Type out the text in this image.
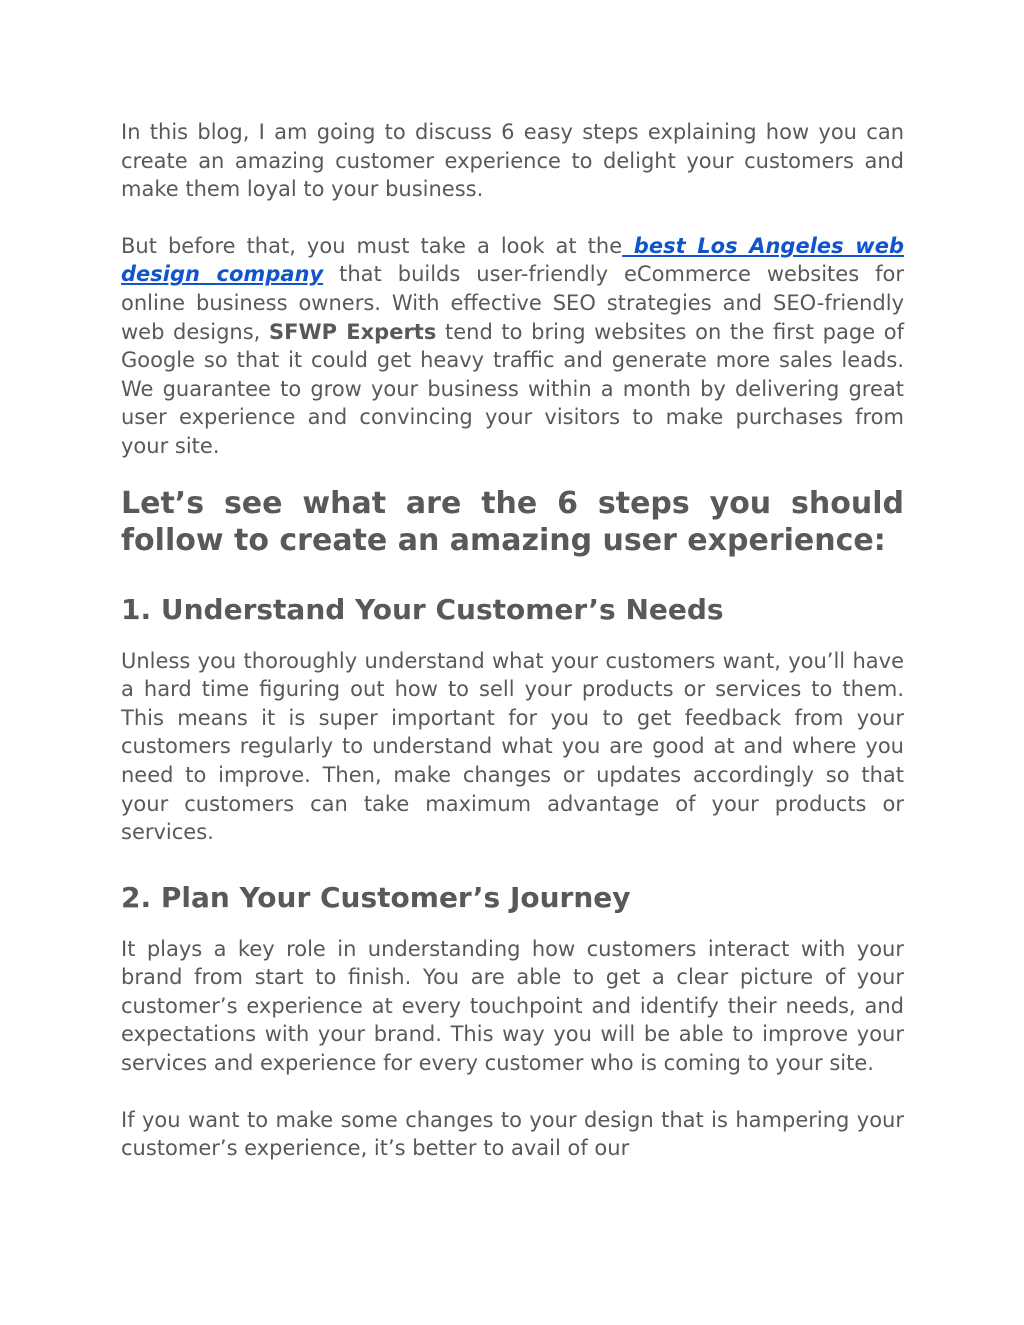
In this blog, I am going to discuss 6 easy steps explaining how you can create an amazing customer experience to delight your customers and make them loyal to your business.

But before that, you must take a look at the best Los Angeles web design company that builds user-friendly eCommerce websites for online business owners. With effective SEO strategies and SEO-friendly web designs, SFWP Experts tend to bring websites on the first page of Google so that it could get heavy traffic and generate more sales leads. We guarantee to grow your business within a month by delivering great user experience and convincing your visitors to make purchases from your site.

Let’s see what are the 6 steps you should follow to create an amazing user experience:
1. Understand Your Customer’s Needs

Unless you thoroughly understand what your customers want, you’ll have a hard time figuring out how to sell your products or services to them. This means it is super important for you to get feedback from your customers regularly to understand what you are good at and where you need to improve. Then, make changes or updates accordingly so that your customers can take maximum advantage of your products or services.

2. Plan Your Customer’s Journey

It plays a key role in understanding how customers interact with your brand from start to finish. You are able to get a clear picture of your customer’s experience at every touchpoint and identify their needs, and expectations with your brand. This way you will be able to improve your services and experience for every customer who is coming to your site.

If you want to make some changes to your design that is hampering your customer’s experience, it’s better to avail of our
